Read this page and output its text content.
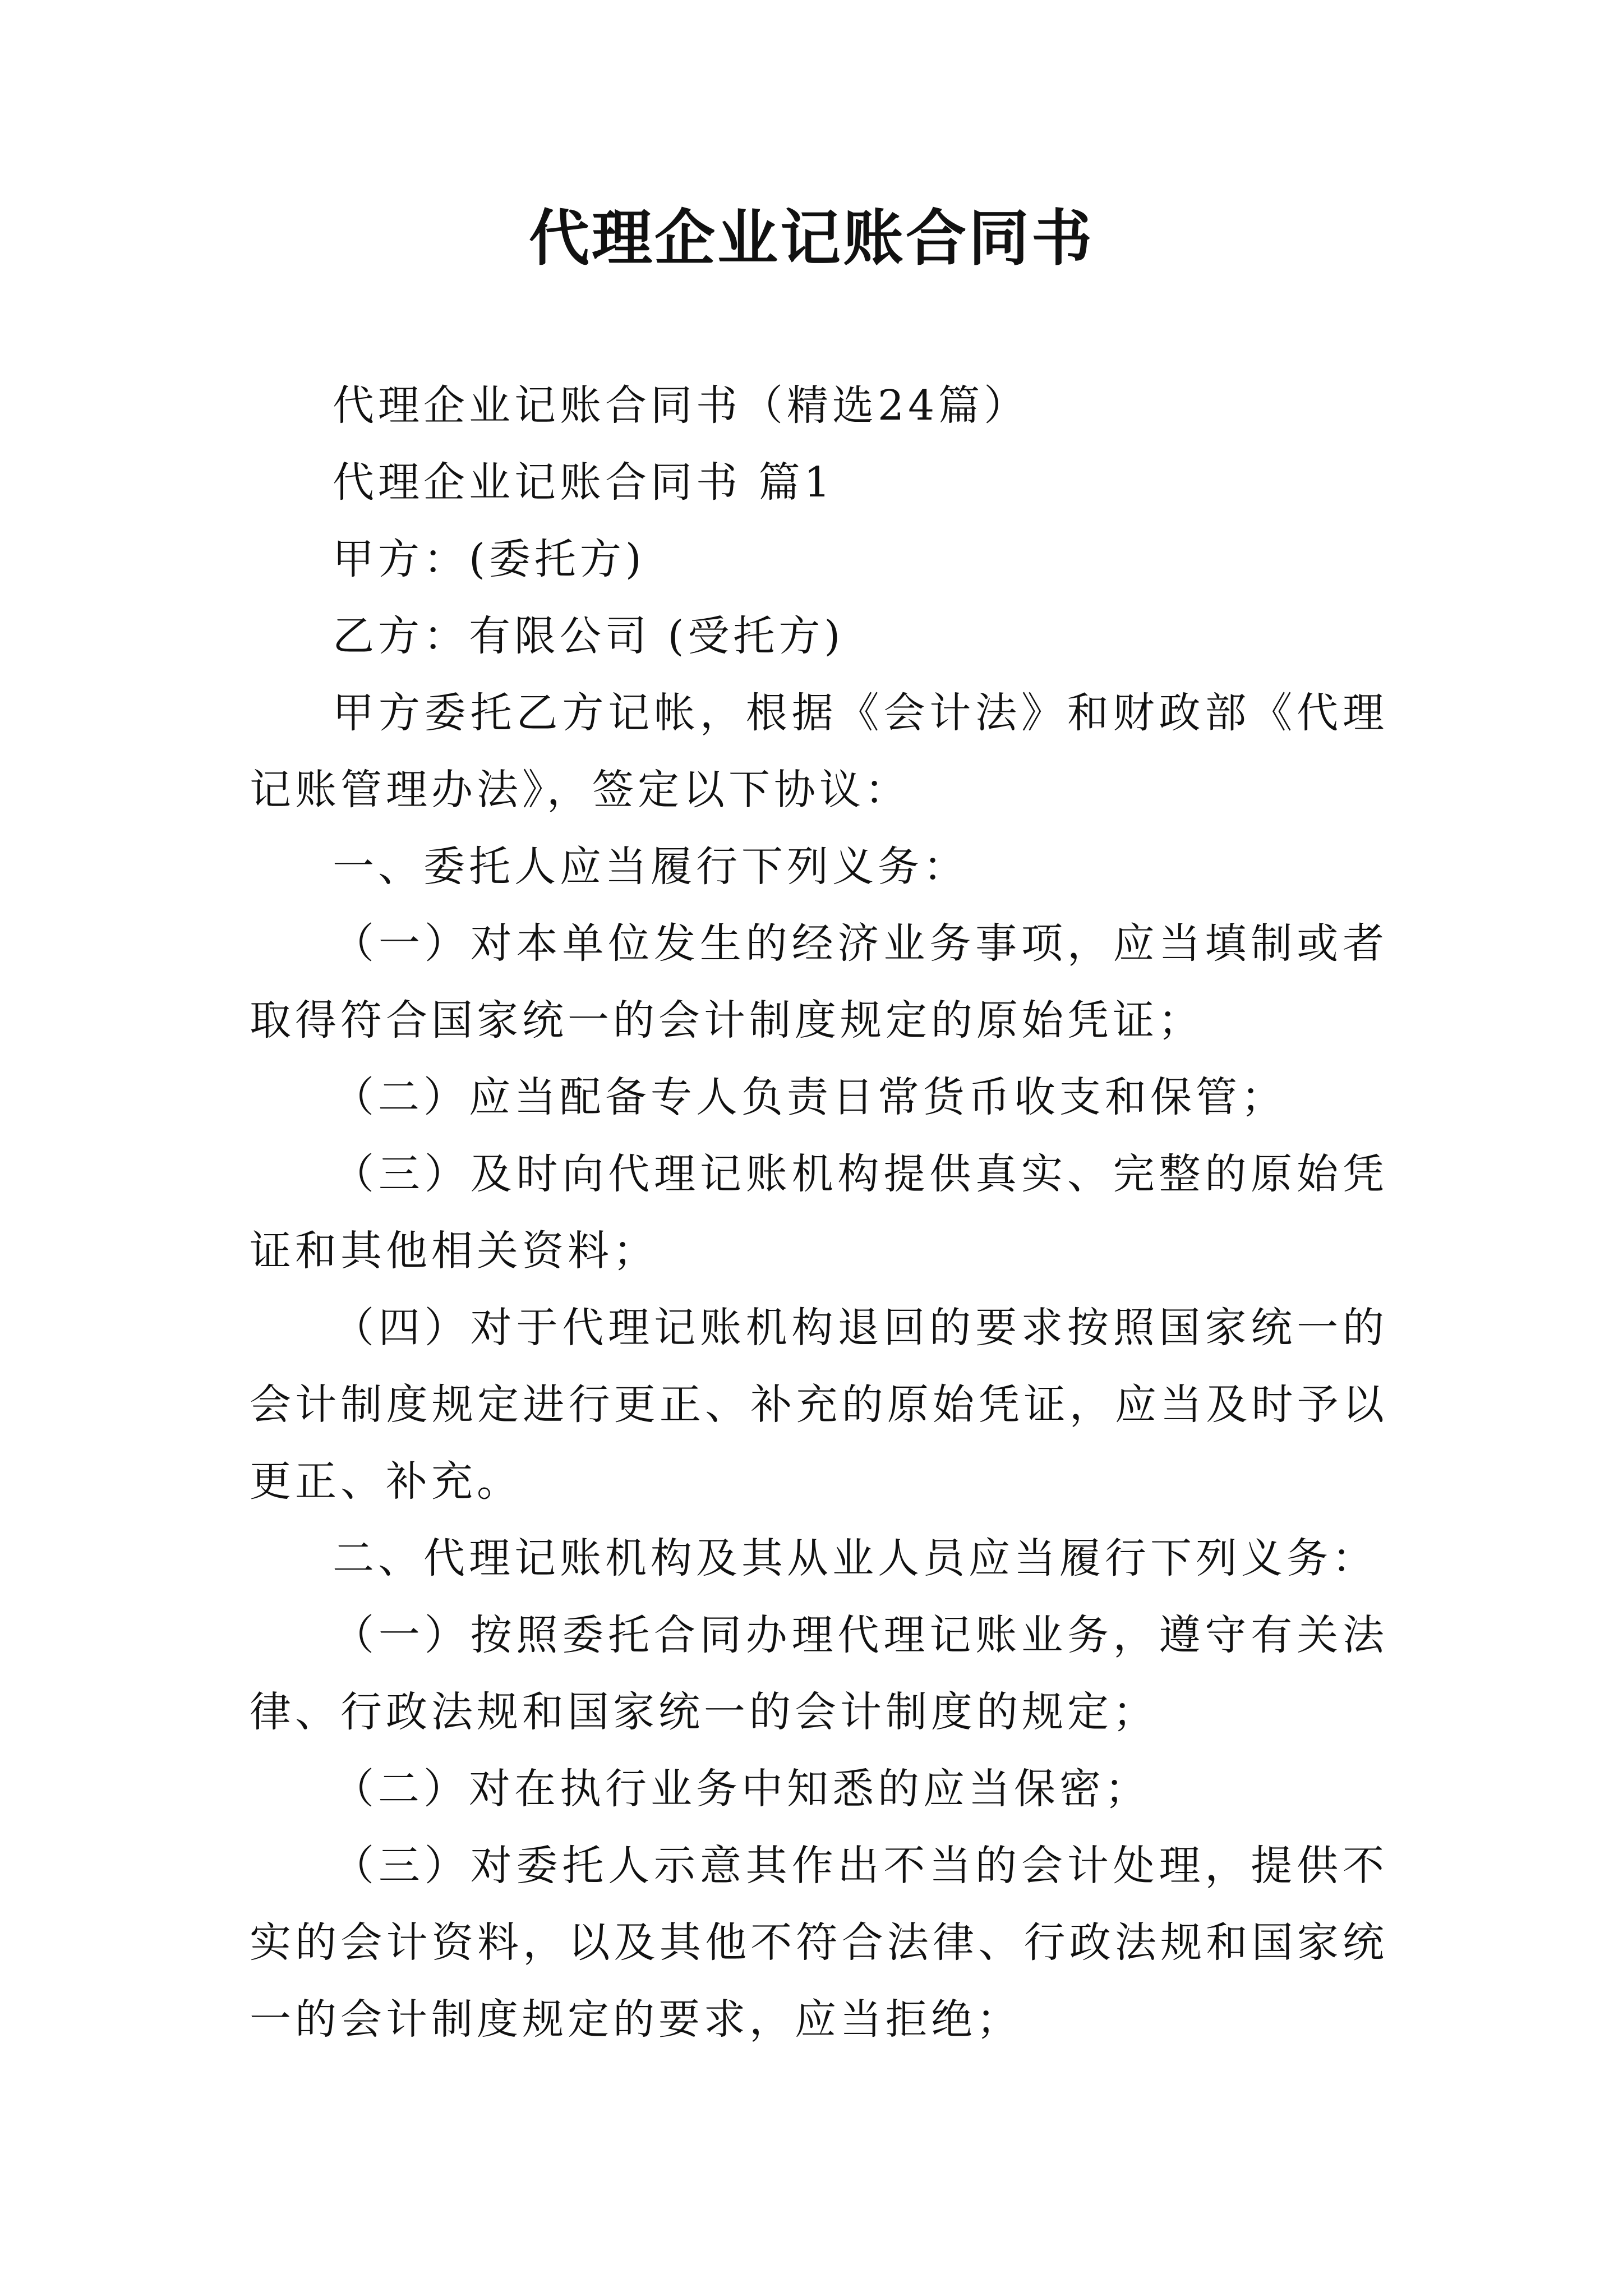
代理企业记账合同书

代理企业记账合同书（精选24篇）

代理企业记账合同书 篇1

甲方：(委托方)

乙方：有限公司 (受托方)

甲方委托乙方记帐，根据《会计法》和财政部《代理记账管理办法》，签定以下协议：

一、委托人应当履行下列义务：

（一）对本单位发生的经济业务事项，应当填制或者取得符合国家统一的会计制度规定的原始凭证；

（二）应当配备专人负责日常货币收支和保管；

（三）及时向代理记账机构提供真实、完整的原始凭证和其他相关资料；

（四）对于代理记账机构退回的要求按照国家统一的会计制度规定进行更正、补充的原始凭证，应当及时予以更正、补充。

二、代理记账机构及其从业人员应当履行下列义务：

（一）按照委托合同办理代理记账业务，遵守有关法律、行政法规和国家统一的会计制度的规定；

（二）对在执行业务中知悉的应当保密；

（三）对委托人示意其作出不当的会计处理，提供不实的会计资料，以及其他不符合法律、行政法规和国家统一的会计制度规定的要求，应当拒绝；
